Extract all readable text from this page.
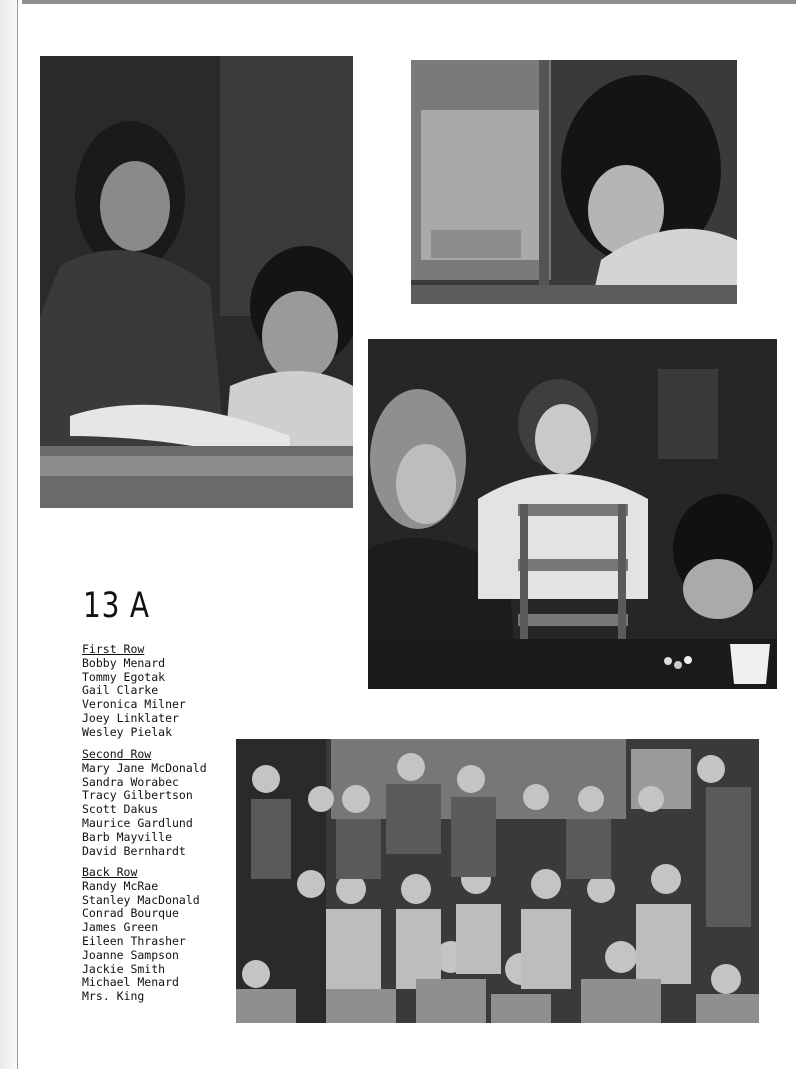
13 A
First Row
Bobby Menard
Tommy Egotak
Gail Clarke
Veronica Milner
Joey Linklater
Wesley Pielak
Second Row
Mary Jane McDonald
Sandra Worabec
Tracy Gilbertson
Scott Dakus
Maurice Gardlund
Barb Mayville
David Bernhardt
Back Row
Randy McRae
Stanley MacDonald
Conrad Bourque
James Green
Eileen Thrasher
Joanne Sampson
Jackie Smith
Michael Menard
Mrs. King
